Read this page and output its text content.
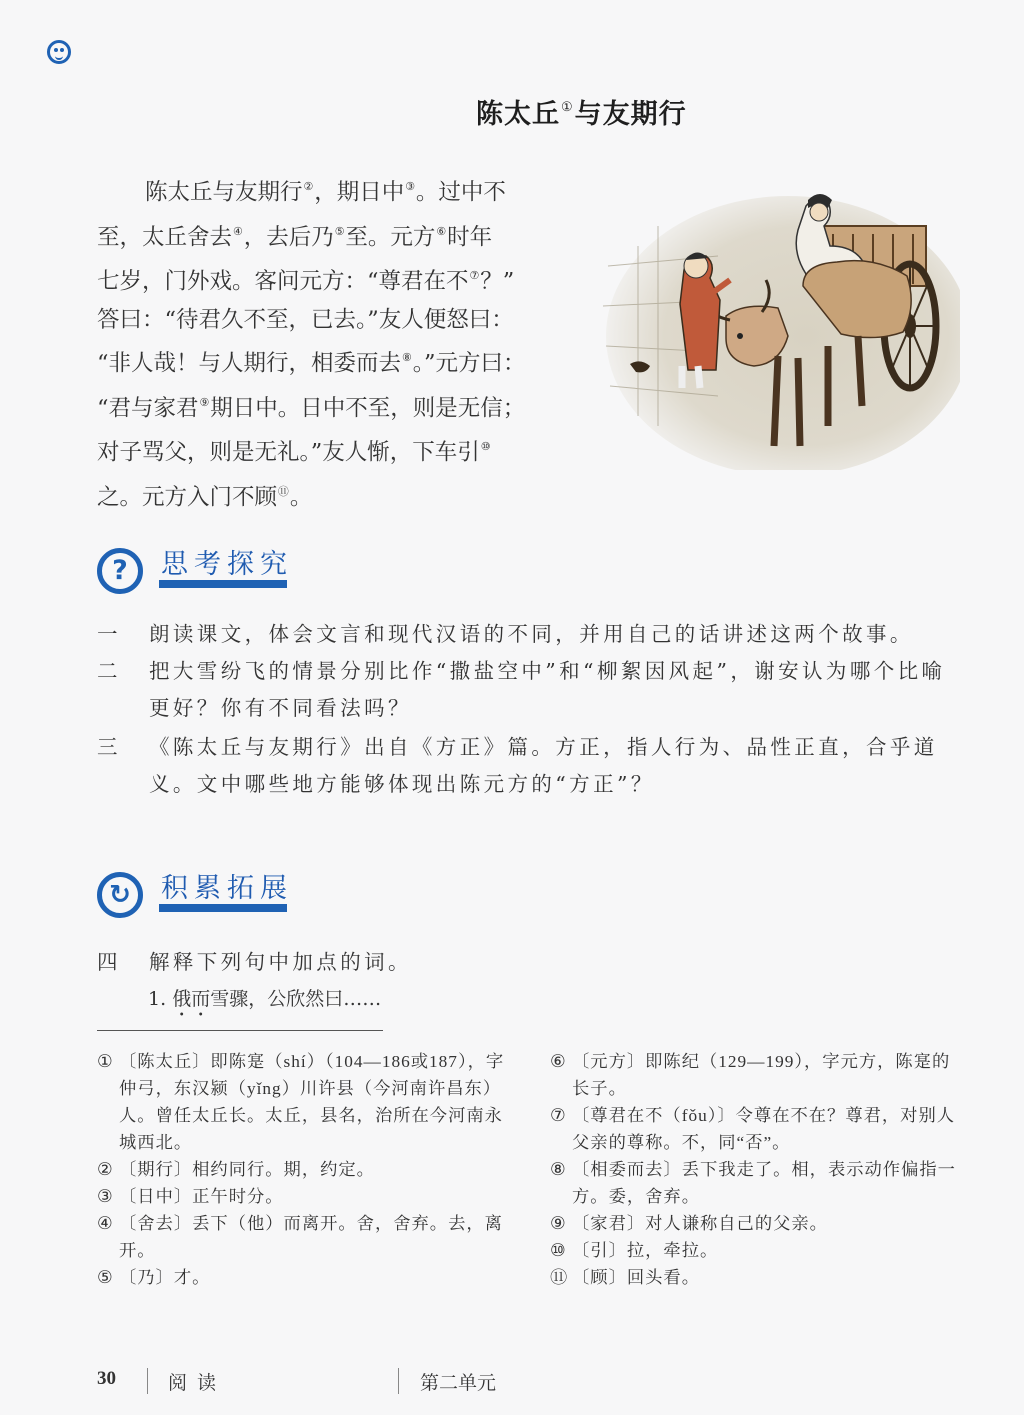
陈太丘①与友期行
陈太丘与友期行②，期日中③。过中不
至，太丘舍去④，去后乃⑤至。元方⑥时年
七岁，门外戏。客问元方：“尊君在不⑦？”
答曰：“待君久不至，已去。”友人便怒曰：
“非人哉！与人期行，相委而去⑧。”元方曰：
“君与家君⑨期日中。日中不至，则是无信；
对子骂父，则是无礼。”友人惭，下车引⑩
之。元方入门不顾⑪。
?	思考探究
一	朗读课文，体会文言和现代汉语的不同，并用自己的话讲述这两个故事。
二	把大雪纷飞的情景分别比作“撒盐空中”和“柳絮因风起”，谢安认为哪个比喻更好？你有不同看法吗？
三	《陈太丘与友期行》出自《方正》篇。方正，指人行为、品性正直，合乎道义。文中哪些地方能够体现出陈元方的“方正”？
↻	积累拓展
四	解释下列句中加点的词。
1. 俄而雪骤，公欣然曰……
① 〔陈太丘〕即陈寔（shí）（104—186或187），字仲弓，东汉颍（yǐng）川许县（今河南许昌东）人。曾任太丘长。太丘，县名，治所在今河南永城西北。
② 〔期行〕相约同行。期，约定。
③ 〔日中〕正午时分。
④ 〔舍去〕丢下（他）而离开。舍，舍弃。去，离开。
⑤ 〔乃〕才。
⑥ 〔元方〕即陈纪（129—199），字元方，陈寔的长子。
⑦ 〔尊君在不（fǒu）〕令尊在不在？尊君，对别人父亲的尊称。不，同“否”。
⑧ 〔相委而去〕丢下我走了。相，表示动作偏指一方。委，舍弃。
⑨ 〔家君〕对人谦称自己的父亲。
⑩ 〔引〕拉，牵拉。
⑪ 〔顾〕回头看。
30	阅 读	第二单元
